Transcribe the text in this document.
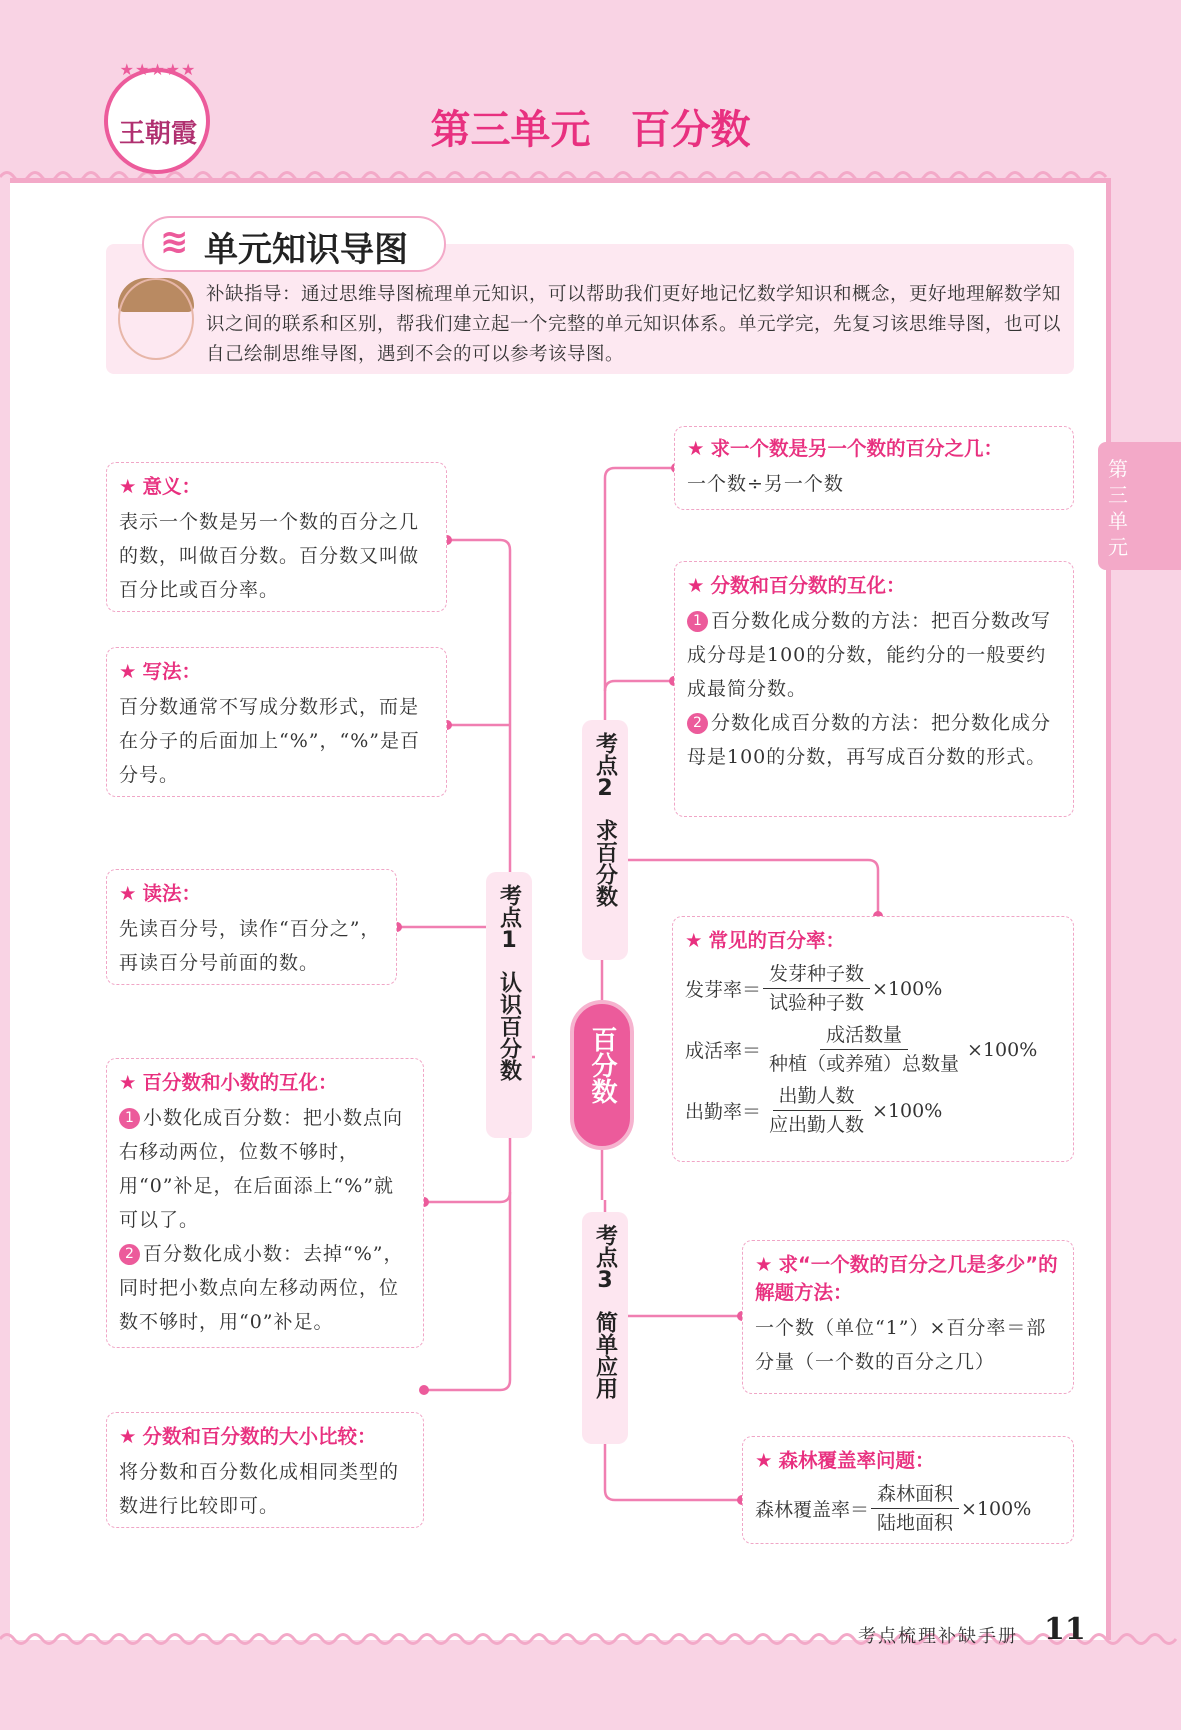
★★★★★
王朝霞	第三单元　百分数
≋ 单元知识导图
补缺指导：通过思维导图梳理单元知识，可以帮助我们更好地记忆数学知识和概念，更好地理解数学知识之间的联系和区别，帮我们建立起一个完整的单元知识体系。单元学完，先复习该思维导图，也可以自己绘制思维导图，遇到不会的可以参考该导图。
第三单元
考点
1
认识百分数
考点
2
求百分数
考点
3
简单应用
百分数
★ 意义：

表示一个数是另一个数的百分之几的数，叫做百分数。百分数又叫做百分比或百分率。

★ 写法：

百分数通常不写成分数形式，而是在分子的后面加上“%”，“%”是百分号。

★ 读法：

先读百分号，读作“百分之”，再读百分号前面的数。

★ 百分数和小数的互化：

1 小数化成百分数：把小数点向右移动两位，位数不够时，用“0”补足，在后面添上“%”就可以了。

2 百分数化成小数：去掉“%”，同时把小数点向左移动两位，位数不够时，用“0”补足。

★ 分数和百分数的大小比较：

将分数和百分数化成相同类型的数进行比较即可。

★ 求一个数是另一个数的百分之几：

一个数÷另一个数

★ 分数和百分数的互化：

1 百分数化成分数的方法：把百分数改写成分母是100的分数，能约分的一般要约成最简分数。

2 分数化成百分数的方法：把分数化成分母是100的分数，再写成百分数的形式。

★ 常见的百分率：
发芽率＝ $\frac{\text{发芽种子数}}{\text{试验种子数}} \times 100\%$
成活率＝ $\frac{\text{成活数量}}{\text{种植（或养殖）总数量}} \times 100\%$
出勤率＝ $\frac{\text{出勤人数}}{\text{应出勤人数}} \times 100\%$
★ 求“一个数的百分之几是多少”的解题方法：

一个数（单位“1”）×百分率＝部分量（一个数的百分之几）

★ 森林覆盖率问题：
森林覆盖率＝ $\frac{\text{森林面积}}{\text{陆地面积}} \times 100\%$
考点梳理补缺手册 11
